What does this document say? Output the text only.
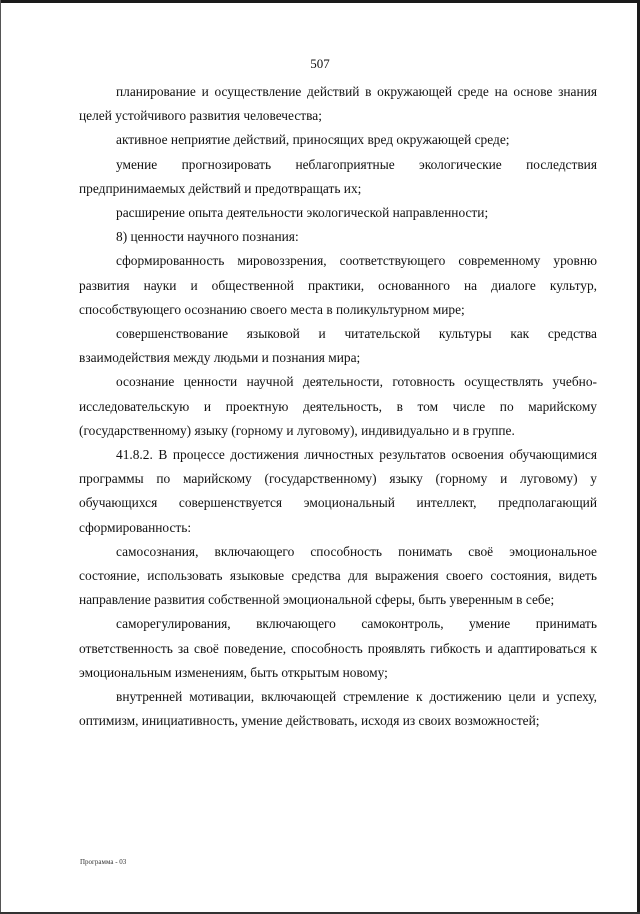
507

планирование и осуществление действий в окружающей среде на основе знания целей устойчивого развития человечества;

активное неприятие действий, приносящих вред окружающей среде;

умение прогнозировать неблагоприятные экологические последствия предпринимаемых действий и предотвращать их;

расширение опыта деятельности экологической направленности;

8) ценности научного познания:

сформированность мировоззрения, соответствующего современному уровню развития науки и общественной практики, основанного на диалоге культур, способствующего осознанию своего места в поликультурном мире;

совершенствование языковой и читательской культуры как средства взаимодействия между людьми и познания мира;

осознание ценности научной деятельности, готовность осуществлять учебно-исследовательскую и проектную деятельность, в том числе по марийскому (государственному) языку (горному и луговому), индивидуально и в группе.

41.8.2. В процессе достижения личностных результатов освоения обучающимися программы по марийскому (государственному) языку (горному и луговому) у обучающихся совершенствуется эмоциональный интеллект, предполагающий сформированность:

самосознания, включающего способность понимать своё эмоциональное состояние, использовать языковые средства для выражения своего состояния, видеть направление развития собственной эмоциональной сферы, быть уверенным в себе;

саморегулирования, включающего самоконтроль, умение принимать ответственность за своё поведение, способность проявлять гибкость и адаптироваться к эмоциональным изменениям, быть открытым новому;

внутренней мотивации, включающей стремление к достижению цели и успеху, оптимизм, инициативность, умение действовать, исходя из своих возможностей;

Программа - 03
